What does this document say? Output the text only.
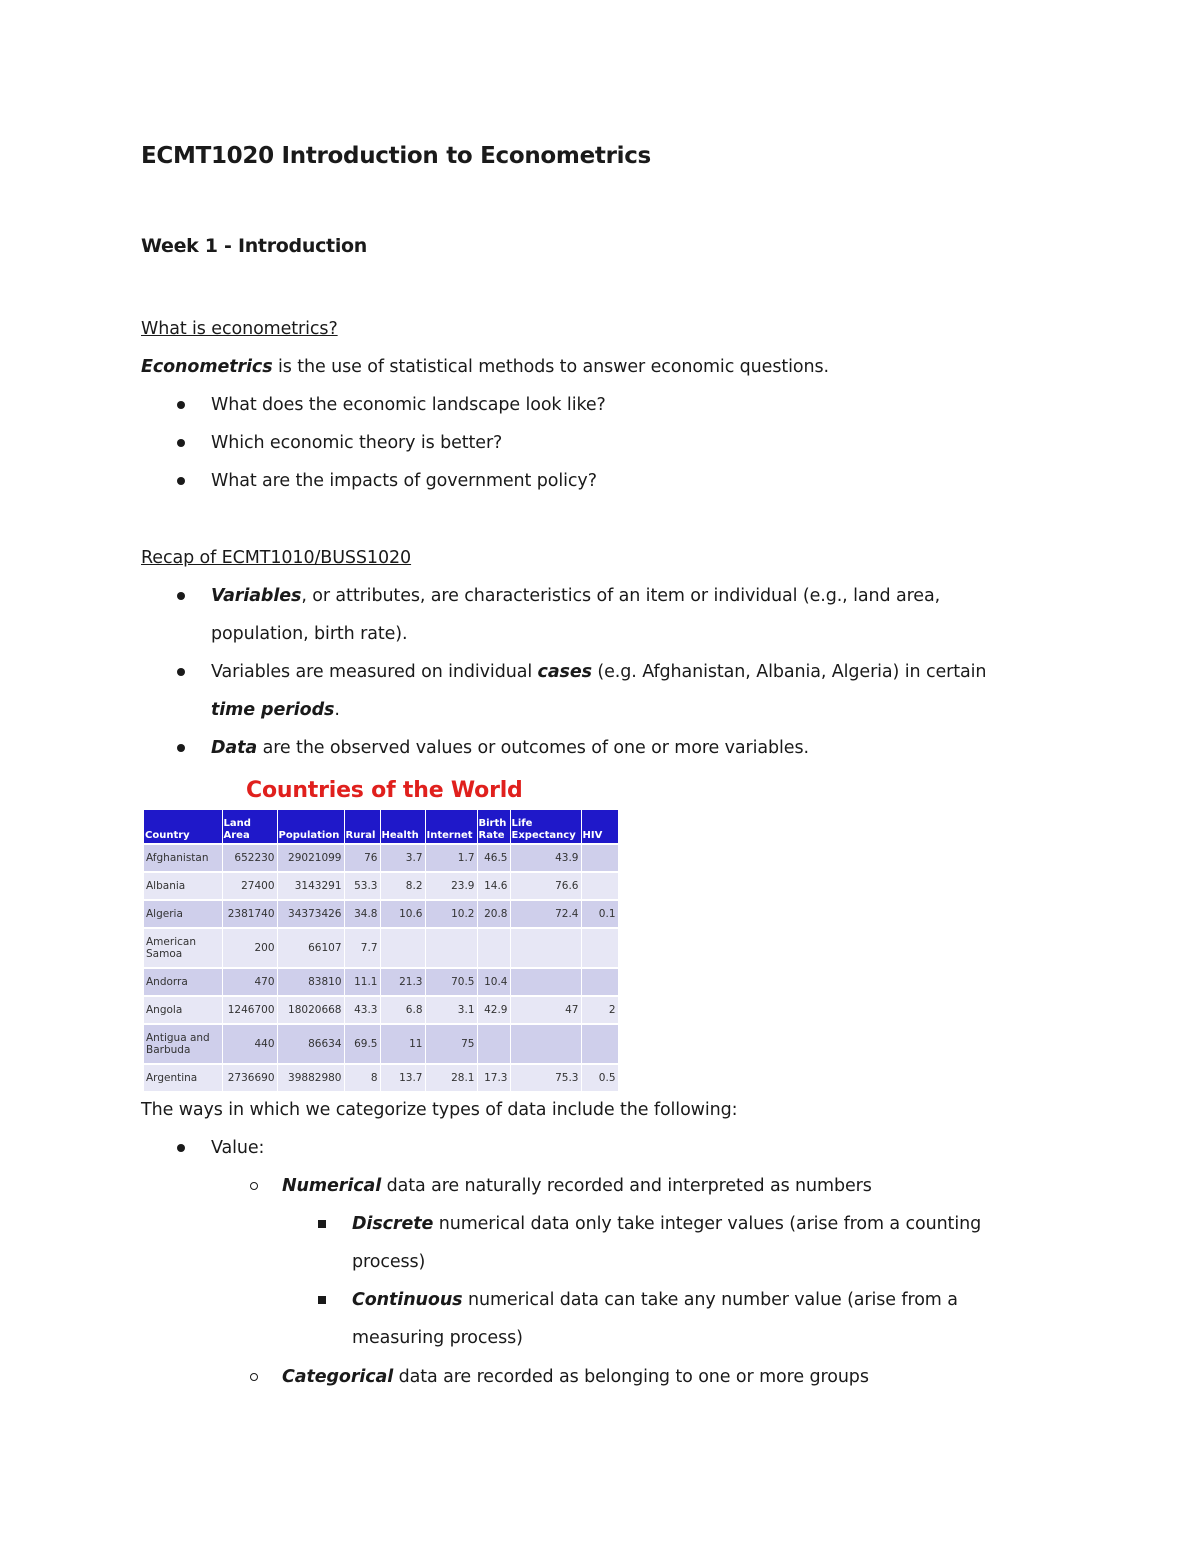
ECMT1020 Introduction to Econometrics
Week 1 - Introduction
What is econometrics?
Econometrics is the use of statistical methods to answer economic questions.
What does the economic landscape look like?
Which economic theory is better?
What are the impacts of government policy?
Recap of ECMT1010/BUSS1020
Variables, or attributes, are characteristics of an item or individual (e.g., land area,
population, birth rate).
Variables are measured on individual cases (e.g. Afghanistan, Albania, Algeria) in certain
time periods.
Data are the observed values or outcomes of one or more variables.
Countries of the World
Country	Land Area	Population	Rural	Health	Internet	Birth Rate	Life Expectancy	HIV
Afghanistan	652230	29021099	76	3.7	1.7	46.5	43.9	
Albania	27400	3143291	53.3	8.2	23.9	14.6	76.6	
Algeria	2381740	34373426	34.8	10.6	10.2	20.8	72.4	0.1
American Samoa	200	66107	7.7					
Andorra	470	83810	11.1	21.3	70.5	10.4		
Angola	1246700	18020668	43.3	6.8	3.1	42.9	47	2
Antigua and Barbuda	440	86634	69.5	11	75			
Argentina	2736690	39882980	8	13.7	28.1	17.3	75.3	0.5
The ways in which we categorize types of data include the following:
Value:
Numerical data are naturally recorded and interpreted as numbers
Discrete numerical data only take integer values (arise from a counting
process)
Continuous numerical data can take any number value (arise from a
measuring process)
Categorical data are recorded as belonging to one or more groups
